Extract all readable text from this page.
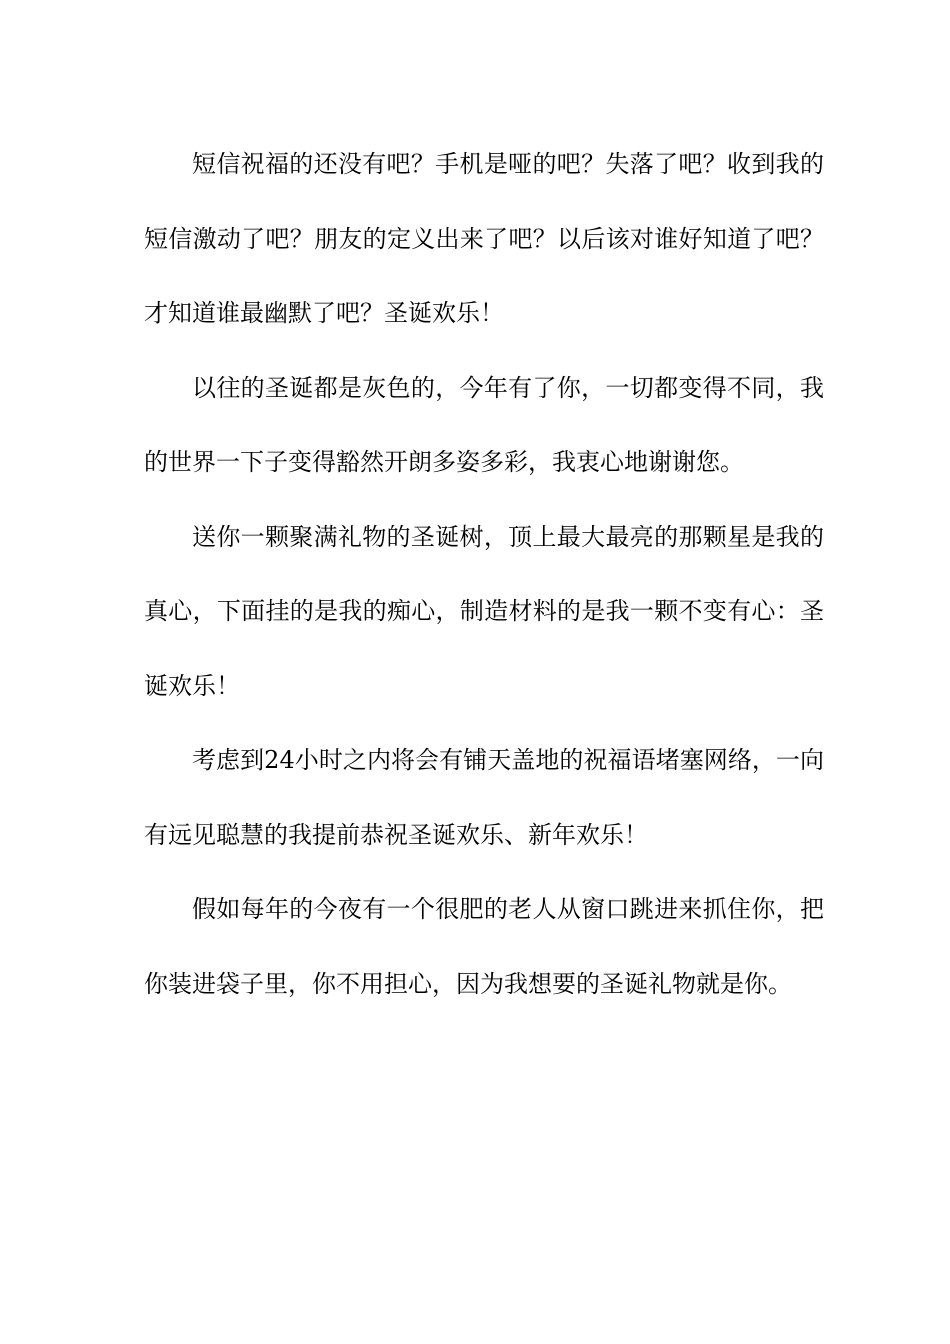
短信祝福的还没有吧？手机是哑的吧？失落了吧？收到我的短信激动了吧？朋友的定义出来了吧？以后该对谁好知道了吧？才知道谁最幽默了吧？圣诞欢乐！

以往的圣诞都是灰色的，今年有了你，一切都变得不同，我的世界一下子变得豁然开朗多姿多彩，我衷心地谢谢您。

送你一颗聚满礼物的圣诞树，顶上最大最亮的那颗星是我的真心，下面挂的是我的痴心，制造材料的是我一颗不变有心：圣诞欢乐！

考虑到24小时之内将会有铺天盖地的祝福语堵塞网络，一向有远见聪慧的我提前恭祝圣诞欢乐、新年欢乐！

假如每年的今夜有一个很肥的老人从窗口跳进来抓住你，把你装进袋子里，你不用担心，因为我想要的圣诞礼物就是你。
